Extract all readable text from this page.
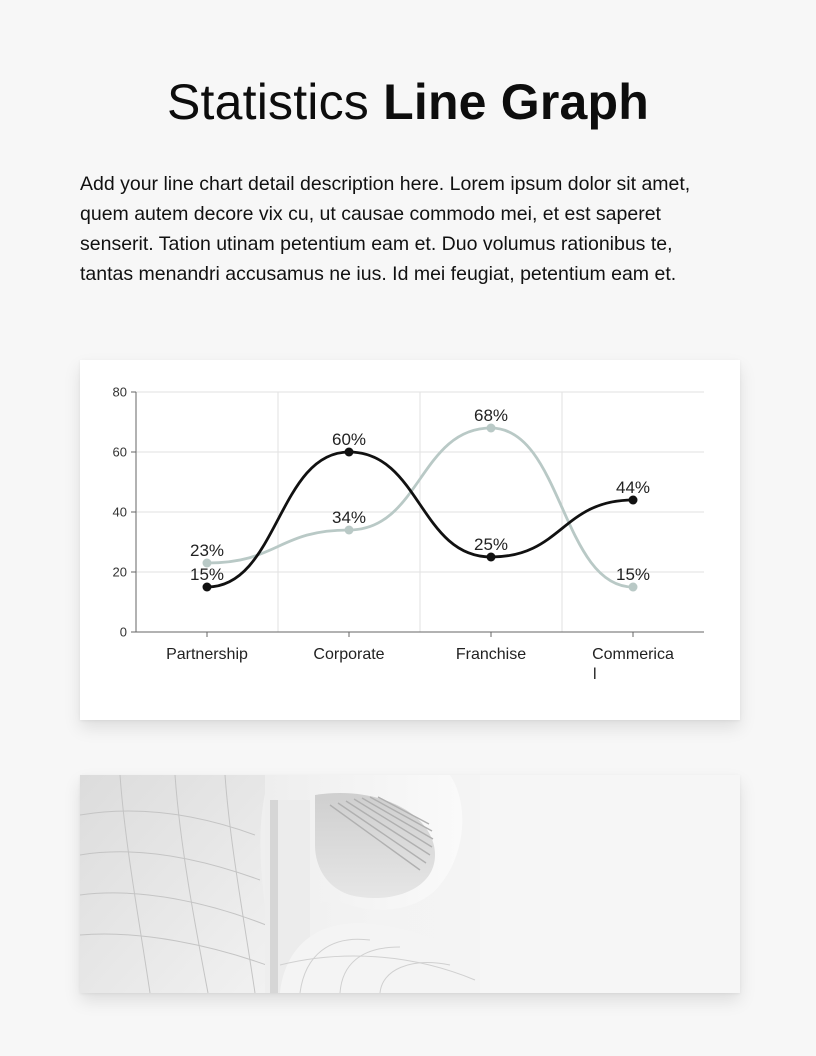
Statistics Line Graph
Add your line chart detail description here. Lorem ipsum dolor sit amet, quem autem decore vix cu, ut causae commodo mei, et est saperet senserit. Tation utinam petentium eam et. Duo volumus rationibus te, tantas menandri accusamus ne ius. Id mei feugiat, petentium eam et.
0
20
40
60
80
Partnership	Corporate	Franchise	Commerica l
15%
60%
25%
44%
23%
34%
68%
15%
